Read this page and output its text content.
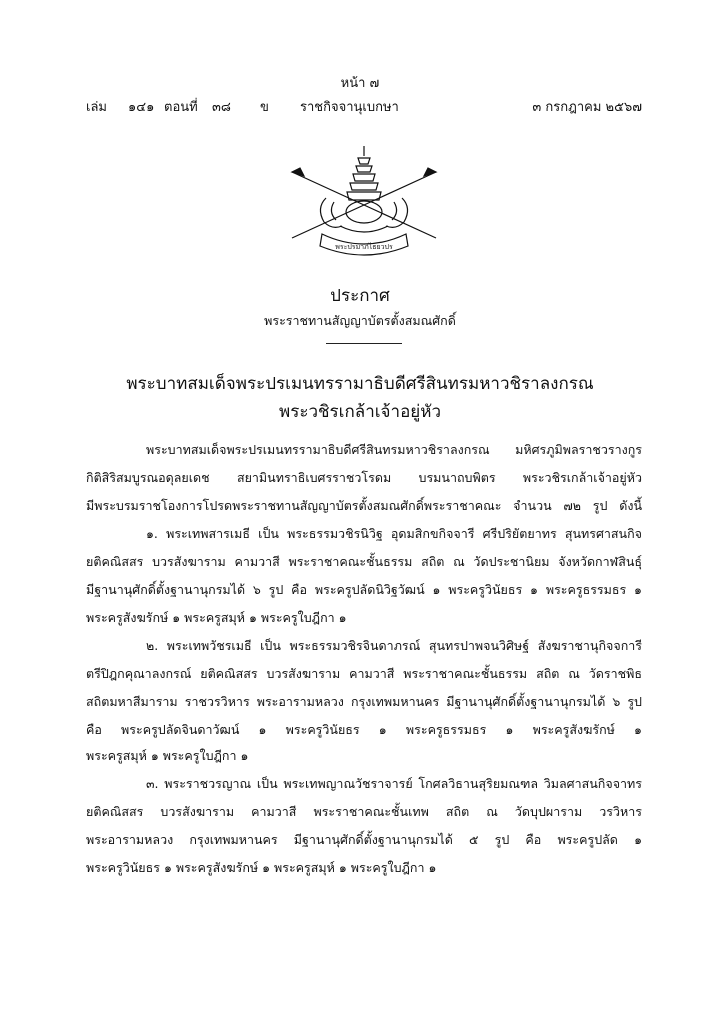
หน้า ๗
เล่ม ๑๔๑ ตอนที่ ๓๘ ข ราชกิจจานุเบกษา	๓ กรกฎาคม ๒๕๖๗
พระปรมาภิไธยวปร
ประกาศ
พระราชทานสัญญาบัตรตั้งสมณศักดิ์
พระบาทสมเด็จพระปรเมนทรรามาธิบดีศรีสินทรมหาวชิราลงกรณ
พระวชิรเกล้าเจ้าอยู่หัว
พระบาทสมเด็จพระปรเมนทรรามาธิบดีศรีสินทรมหาวชิราลงกรณ มหิศรภูมิพลราชวรางกูร
กิติสิริสมบูรณอดุลยเดช สยามินทราธิเบศรราชวโรดม บรมนาถบพิตร พระวชิรเกล้าเจ้าอยู่หัว
มีพระบรมราชโองการโปรดพระราชทานสัญญาบัตรตั้งสมณศักดิ์พระราชาคณะ จำนวน ๗๒ รูป ดังนี้
๑. พระเทพสารเมธี เป็น พระธรรมวชิรนิวิฐ อุดมสิกขกิจจารี ศรีปริยัตยาทร สุนทรศาสนกิจ
ยติคณิสสร บวรสังฆาราม คามวาสี พระราชาคณะชั้นธรรม สถิต ณ วัดประชานิยม จังหวัดกาฬสินธุ์
มีฐานานุศักดิ์ตั้งฐานานุกรมได้ ๖ รูป คือ พระครูปลัดนิวิฐวัฒน์ ๑ พระครูวินัยธร ๑ พระครูธรรมธร ๑
พระครูสังฆรักษ์ ๑ พระครูสมุห์ ๑ พระครูใบฎีกา ๑
๒. พระเทพวัชรเมธี เป็น พระธรรมวชิรจินดาภรณ์ สุนทรปาพจนวิศิษฐ์ สังฆราชานุกิจจการี
ตรีปิฎกคุณาลงกรณ์ ยติคณิสสร บวรสังฆาราม คามวาสี พระราชาคณะชั้นธรรม สถิต ณ วัดราชพิธ
สถิตมหาสีมาราม ราชวรวิหาร พระอารามหลวง กรุงเทพมหานคร มีฐานานุศักดิ์ตั้งฐานานุกรมได้ ๖ รูป
คือ พระครูปลัดจินดาวัฒน์ ๑ พระครูวินัยธร ๑ พระครูธรรมธร ๑ พระครูสังฆรักษ์ ๑
พระครูสมุห์ ๑ พระครูใบฎีกา ๑
๓. พระราชวรญาณ เป็น พระเทพญาณวัชราจารย์ โกศลวิธานสุริยมณฑล วิมลศาสนกิจจาทร
ยติคณิสสร บวรสังฆาราม คามวาสี พระราชาคณะชั้นเทพ สถิต ณ วัดบุปผาราม วรวิหาร
พระอารามหลวง กรุงเทพมหานคร มีฐานานุศักดิ์ตั้งฐานานุกรมได้ ๕ รูป คือ พระครูปลัด ๑
พระครูวินัยธร ๑ พระครูสังฆรักษ์ ๑ พระครูสมุห์ ๑ พระครูใบฎีกา ๑
